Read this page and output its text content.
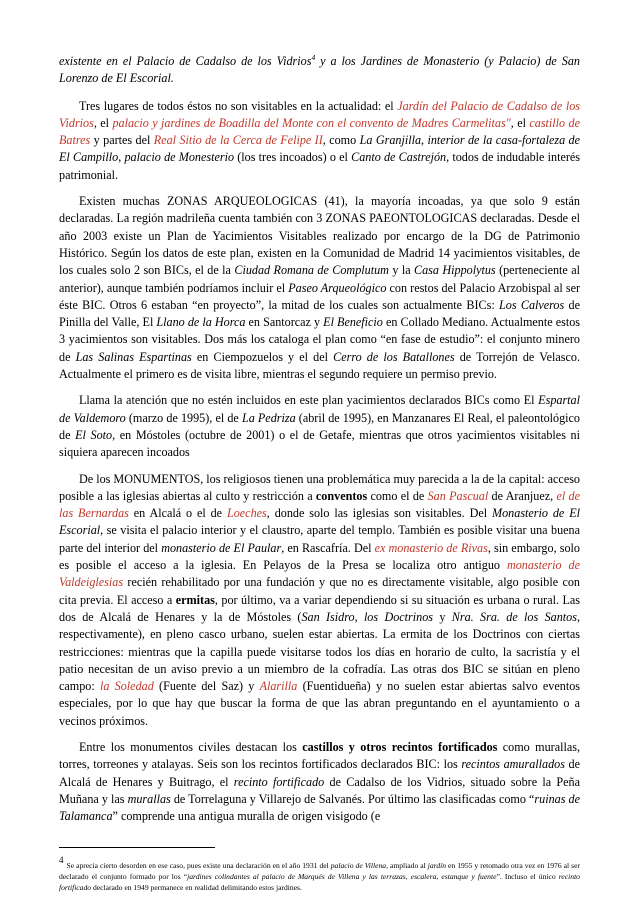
existente en el Palacio de Cadalso de los Vidrios$^4$ y a los Jardines de Monasterio (y Palacio) de San Lorenzo de El Escorial.

Tres lugares de todos éstos no son visitables en la actualidad: el Jardín del Palacio de Cadalso de los Vidrios, el palacio y jardines de Boadilla del Monte con el convento de Madres Carmelitas", el castillo de Batres y partes del Real Sitio de la Cerca de Felipe II, como La Granjilla, interior de la casa-fortaleza de El Campillo, palacio de Monesterio (los tres incoados) o el Canto de Castrejón, todos de indudable interés patrimonial.

Existen muchas ZONAS ARQUEOLOGICAS (41), la mayoría incoadas, ya que solo 9 están declaradas. La región madrileña cuenta también con 3 ZONAS PAEONTOLOGICAS declaradas. Desde el año 2003 existe un Plan de Yacimientos Visitables realizado por encargo de la DG de Patrimonio Histórico. Según los datos de este plan, existen en la Comunidad de Madrid 14 yacimientos visitables, de los cuales solo 2 son BICs, el de la Ciudad Romana de Complutum y la Casa Hippolytus (perteneciente al anterior), aunque también podríamos incluir el Paseo Arqueológico con restos del Palacio Arzobispal al ser éste BIC. Otros 6 estaban “en proyecto”, la mitad de los cuales son actualmente BICs: Los Calveros de Pinilla del Valle, El Llano de la Horca en Santorcaz y El Beneficio en Collado Mediano. Actualmente estos 3 yacimientos son visitables. Dos más los cataloga el plan como “en fase de estudio”: el conjunto minero de Las Salinas Espartinas en Ciempozuelos y el del Cerro de los Batallones de Torrejón de Velasco. Actualmente el primero es de visita libre, mientras el segundo requiere un permiso previo.

Llama la atención que no estén incluidos en este plan yacimientos declarados BICs como El Espartal de Valdemoro (marzo de 1995), el de La Pedriza (abril de 1995), en Manzanares El Real, el paleontológico de El Soto, en Móstoles (octubre de 2001) o el de Getafe, mientras que otros yacimientos visitables ni siquiera aparecen incoados

De los MONUMENTOS, los religiosos tienen una problemática muy parecida a la de la capital: acceso posible a las iglesias abiertas al culto y restricción a conventos como el de San Pascual de Aranjuez, el de las Bernardas en Alcalá o el de Loeches, donde solo las iglesias son visitables. Del Monasterio de El Escorial, se visita el palacio interior y el claustro, aparte del templo. También es posible visitar una buena parte del interior del monasterio de El Paular, en Rascafría. Del ex monasterio de Rivas, sin embargo, solo es posible el acceso a la iglesia. En Pelayos de la Presa se localiza otro antiguo monasterio de Valdeiglesias recién rehabilitado por una fundación y que no es directamente visitable, algo posible con cita previa. El acceso a ermitas, por último, va a variar dependiendo si su situación es urbana o rural. Las dos de Alcalá de Henares y la de Móstoles (San Isidro, los Doctrinos y Nra. Sra. de los Santos, respectivamente), en pleno casco urbano, suelen estar abiertas. La ermita de los Doctrinos con ciertas restricciones: mientras que la capilla puede visitarse todos los días en horario de culto, la sacristía y el patio necesitan de un aviso previo a un miembro de la cofradía. Las otras dos BIC se sitúan en pleno campo: la Soledad (Fuente del Saz) y Alarilla (Fuentidueña) y no suelen estar abiertas salvo eventos especiales, por lo que hay que buscar la forma de que las abran preguntando en el ayuntamiento o a vecinos próximos.

Entre los monumentos civiles destacan los castillos y otros recintos fortificados como murallas, torres, torreones y atalayas. Seis son los recintos fortificados declarados BIC: los recintos amurallados de Alcalá de Henares y Buitrago, el recinto fortificado de Cadalso de los Vidrios, situado sobre la Peña Muñana y las murallas de Torrelaguna y Villarejo de Salvanés. Por último las clasificadas como “ruinas de Talamanca” comprende una antigua muralla de origen visigodo (e

4Se aprecia cierto desorden en ese caso, pues existe una declaración en el año 1931 del palacio de Villena, ampliado al jardín en 1955 y retomado otra vez en 1976 al ser declarado el conjunto formado por los “jardines colindantes al palacio de Marqués de Villena y las terrazas, escalera, estanque y fuente”. Incluso el único recinto fortificado declarado en 1949 permanece en realidad delimitando estos jardines.
